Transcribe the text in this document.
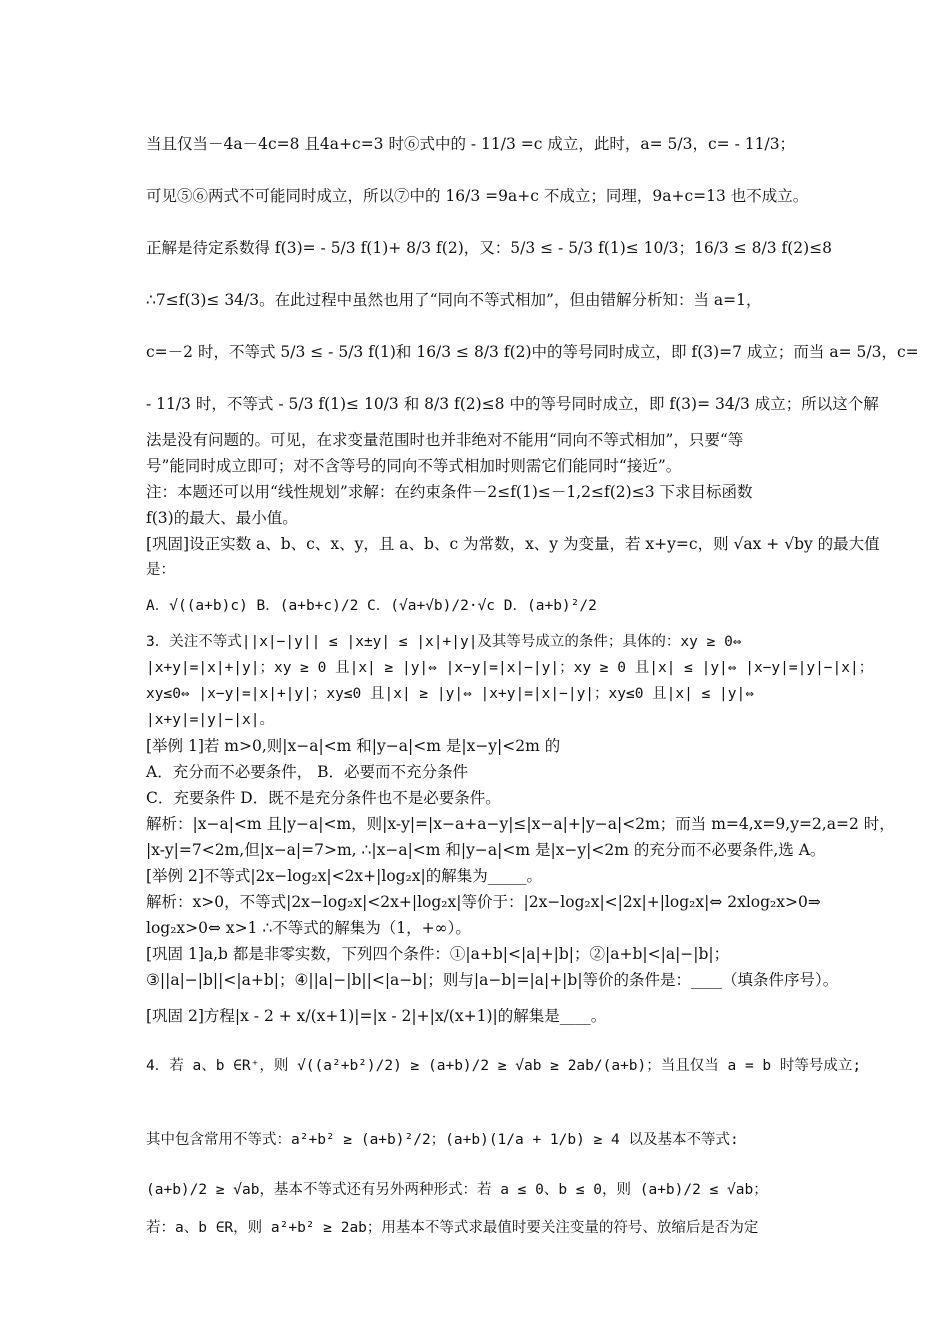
当且仅当－4a－4c=8 且4a+c=3 时⑥式中的 - 11/3 =c 成立，此时，a= 5/3，c= - 11/3；
可见⑤⑥两式不可能同时成立，所以⑦中的 16/3 =9a+c 不成立；同理，9a+c=13 也不成立。
正解是待定系数得 f(3)= - 5/3 f(1)+ 8/3 f(2)，又：5/3 ≤ - 5/3 f(1)≤ 10/3；16/3 ≤ 8/3 f(2)≤8
∴7≤f(3)≤ 34/3。在此过程中虽然也用了“同向不等式相加”，但由错解分析知：当 a=1，
c=－2 时，不等式 5/3 ≤ - 5/3 f(1)和 16/3 ≤ 8/3 f(2)中的等号同时成立，即 f(3)=7 成立；而当 a= 5/3，c=
- 11/3 时，不等式 - 5/3 f(1)≤ 10/3 和 8/3 f(2)≤8 中的等号同时成立，即 f(3)= 34/3 成立；所以这个解
法是没有问题的。可见，在求变量范围时也并非绝对不能用“同向不等式相加”，只要“等
号”能同时成立即可；对不含等号的同向不等式相加时则需它们能同时“接近”。
注：本题还可以用“线性规划”求解：在约束条件－2≤f(1)≤－1,2≤f(2)≤3 下求目标函数
f(3)的最大、最小值。
[巩固]设正实数 a、b、c、x、y，且 a、b、c 为常数，x、y 为变量，若 x+y=c，则 √ax + √by 的最大值
是：
A．√((a+b)c) B．(a+b+c)/2 C．(√a+√b)/2·√c D．(a+b)²/2
3．关注不等式||x|−|y|| ≤ |x±y| ≤ |x|+|y|及其等号成立的条件；具体的：xy ≥ 0⇔
|x+y|=|x|+|y|；xy ≥ 0 且|x| ≥ |y|⇔ |x−y|=|x|−|y|；xy ≥ 0 且|x| ≤ |y|⇔ |x−y|=|y|−|x|；
xy≤0⇔ |x−y|=|x|+|y|；xy≤0 且|x| ≥ |y|⇔ |x+y|=|x|−|y|；xy≤0 且|x| ≤ |y|⇔
|x+y|=|y|−|x|。
[举例 1]若 m>0,则|x−a|<m 和|y−a|<m 是|x−y|<2m 的
A．充分而不必要条件， B．必要而不充分条件
C．充要条件 D．既不是充分条件也不是必要条件。
解析：|x−a|<m 且|y−a|<m，则|x-y|=|x−a+a−y|≤|x−a|+|y−a|<2m；而当 m=4,x=9,y=2,a=2 时，
|x-y|=7<2m,但|x−a|=7>m, ∴|x−a|<m 和|y−a|<m 是|x−y|<2m 的充分而不必要条件,选 A。
[举例 2]不等式|2x−log₂x|<2x+|log₂x|的解集为_____。
解析：x>0，不等式|2x−log₂x|<2x+|log₂x|等价于：|2x−log₂x|<|2x|+|log₂x|⇔ 2xlog₂x>0⇒
log₂x>0⇔ x>1 ∴不等式的解集为（1，+∞）。
[巩固 1]a,b 都是非零实数，下列四个条件：①|a+b|<|a|+|b|；②|a+b|<|a|−|b|；
③||a|−|b||<|a+b|；④||a|−|b||<|a−b|；则与|a−b|=|a|+|b|等价的条件是：____（填条件序号）。
[巩固 2]方程|x - 2 + x/(x+1)|=|x - 2|+|x/(x+1)|的解集是____。
4．若 a、b ∈R⁺，则 √((a²+b²)/2) ≥ (a+b)/2 ≥ √ab ≥ 2ab/(a+b)；当且仅当 a = b 时等号成立;
其中包含常用不等式：a²+b² ≥ (a+b)²/2；(a+b)(1/a + 1/b) ≥ 4 以及基本不等式:
(a+b)/2 ≥ √ab，基本不等式还有另外两种形式：若 a ≤ 0、b ≤ 0，则 (a+b)/2 ≤ √ab；
若：a、b ∈R，则 a²+b² ≥ 2ab；用基本不等式求最值时要关注变量的符号、放缩后是否为定
